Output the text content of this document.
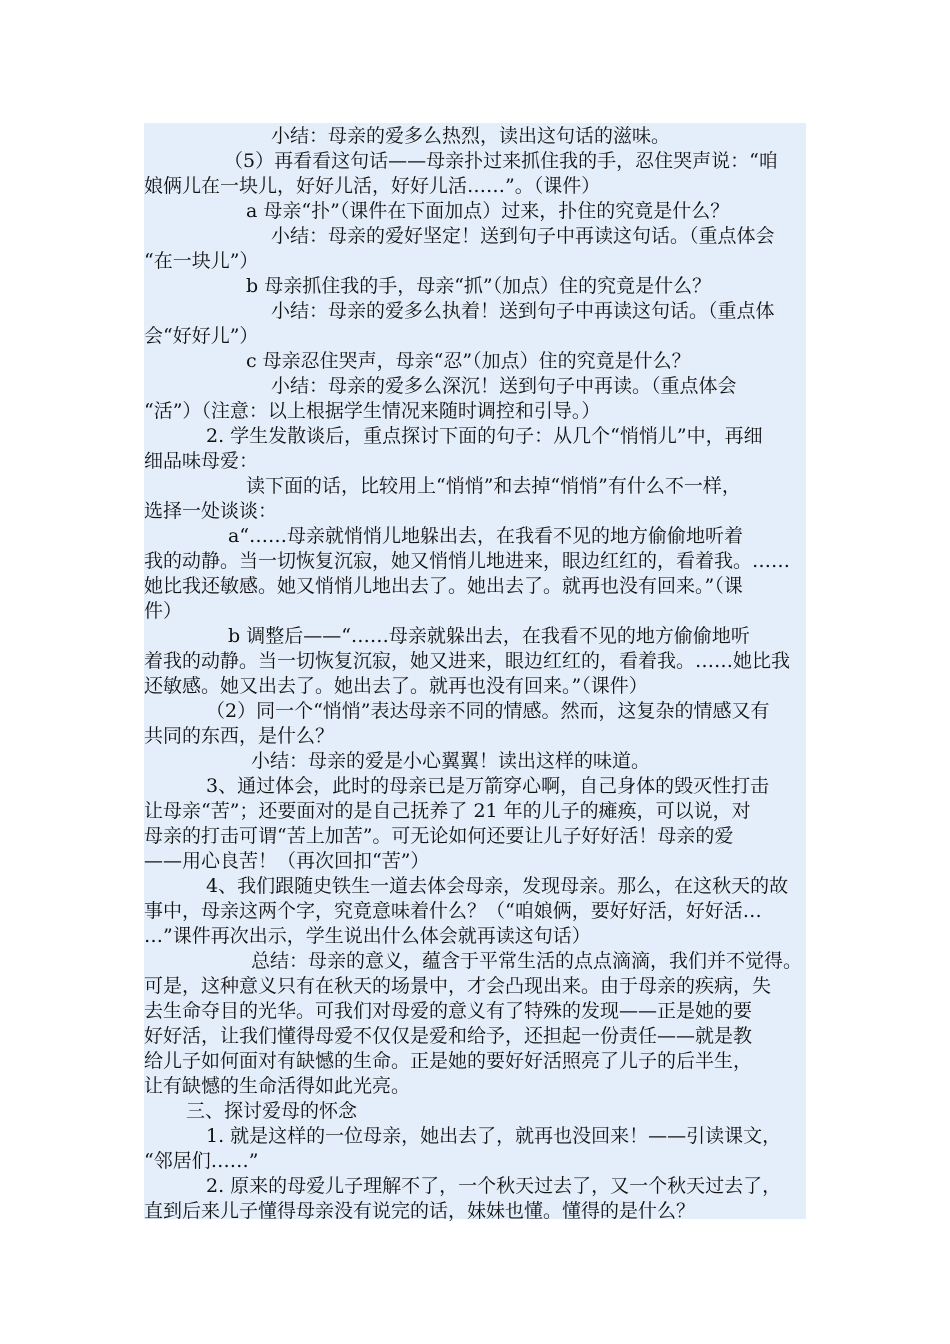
小结：母亲的爱多么热烈，读出这句话的滋味。
（5）再看看这句话——母亲扑过来抓住我的手，忍住哭声说：“咱
娘俩儿在一块儿，好好儿活，好好儿活……”。（课件）
a 母亲“扑”（课件在下面加点）过来，扑住的究竟是什么？
小结：母亲的爱好坚定！送到句子中再读这句话。（重点体会
“在一块儿”）
b 母亲抓住我的手，母亲“抓”（加点）住的究竟是什么？
小结：母亲的爱多么执着！送到句子中再读这句话。（重点体
会“好好儿”）
c 母亲忍住哭声，母亲“忍”（加点）住的究竟是什么？
小结：母亲的爱多么深沉！送到句子中再读。（重点体会
“活”）（注意：以上根据学生情况来随时调控和引导。）
2. 学生发散谈后，重点探讨下面的句子：从几个“悄悄儿”中，再细
细品味母爱：
读下面的话，比较用上“悄悄”和去掉“悄悄”有什么不一样，
选择一处谈谈：
a“……母亲就悄悄儿地躲出去，在我看不见的地方偷偷地听着
我的动静。当一切恢复沉寂，她又悄悄儿地进来，眼边红红的，看着我。……
她比我还敏感。她又悄悄儿地出去了。她出去了。就再也没有回来。”（课
件）
b 调整后——“……母亲就躲出去，在我看不见的地方偷偷地听
着我的动静。当一切恢复沉寂，她又进来，眼边红红的，看着我。……她比我
还敏感。她又出去了。她出去了。就再也没有回来。”（课件）
（2）同一个“悄悄”表达母亲不同的情感。然而，这复杂的情感又有
共同的东西，是什么？
小结：母亲的爱是小心翼翼！读出这样的味道。
3、通过体会，此时的母亲已是万箭穿心啊，自己身体的毁灭性打击
让母亲“苦”；还要面对的是自己抚养了 21 年的儿子的瘫痪，可以说，对
母亲的打击可谓“苦上加苦”。可无论如何还要让儿子好好活！母亲的爱
——用心良苦！（再次回扣“苦”）
4、我们跟随史铁生一道去体会母亲，发现母亲。那么，在这秋天的故
事中，母亲这两个字，究竟意味着什么？（“咱娘俩，要好好活，好好活…
…”课件再次出示，学生说出什么体会就再读这句话）
总结：母亲的意义，蕴含于平常生活的点点滴滴，我们并不觉得。
可是，这种意义只有在秋天的场景中，才会凸现出来。由于母亲的疾病，失
去生命夺目的光华。可我们对母爱的意义有了特殊的发现——正是她的要
好好活，让我们懂得母爱不仅仅是爱和给予，还担起一份责任——就是教
给儿子如何面对有缺憾的生命。正是她的要好好活照亮了儿子的后半生，
让有缺憾的生命活得如此光亮。
三、探讨爱母的怀念
1. 就是这样的一位母亲，她出去了，就再也没回来！——引读课文，
“邻居们……”
2. 原来的母爱儿子理解不了，一个秋天过去了，又一个秋天过去了，
直到后来儿子懂得母亲没有说完的话，妹妹也懂。懂得的是什么？
